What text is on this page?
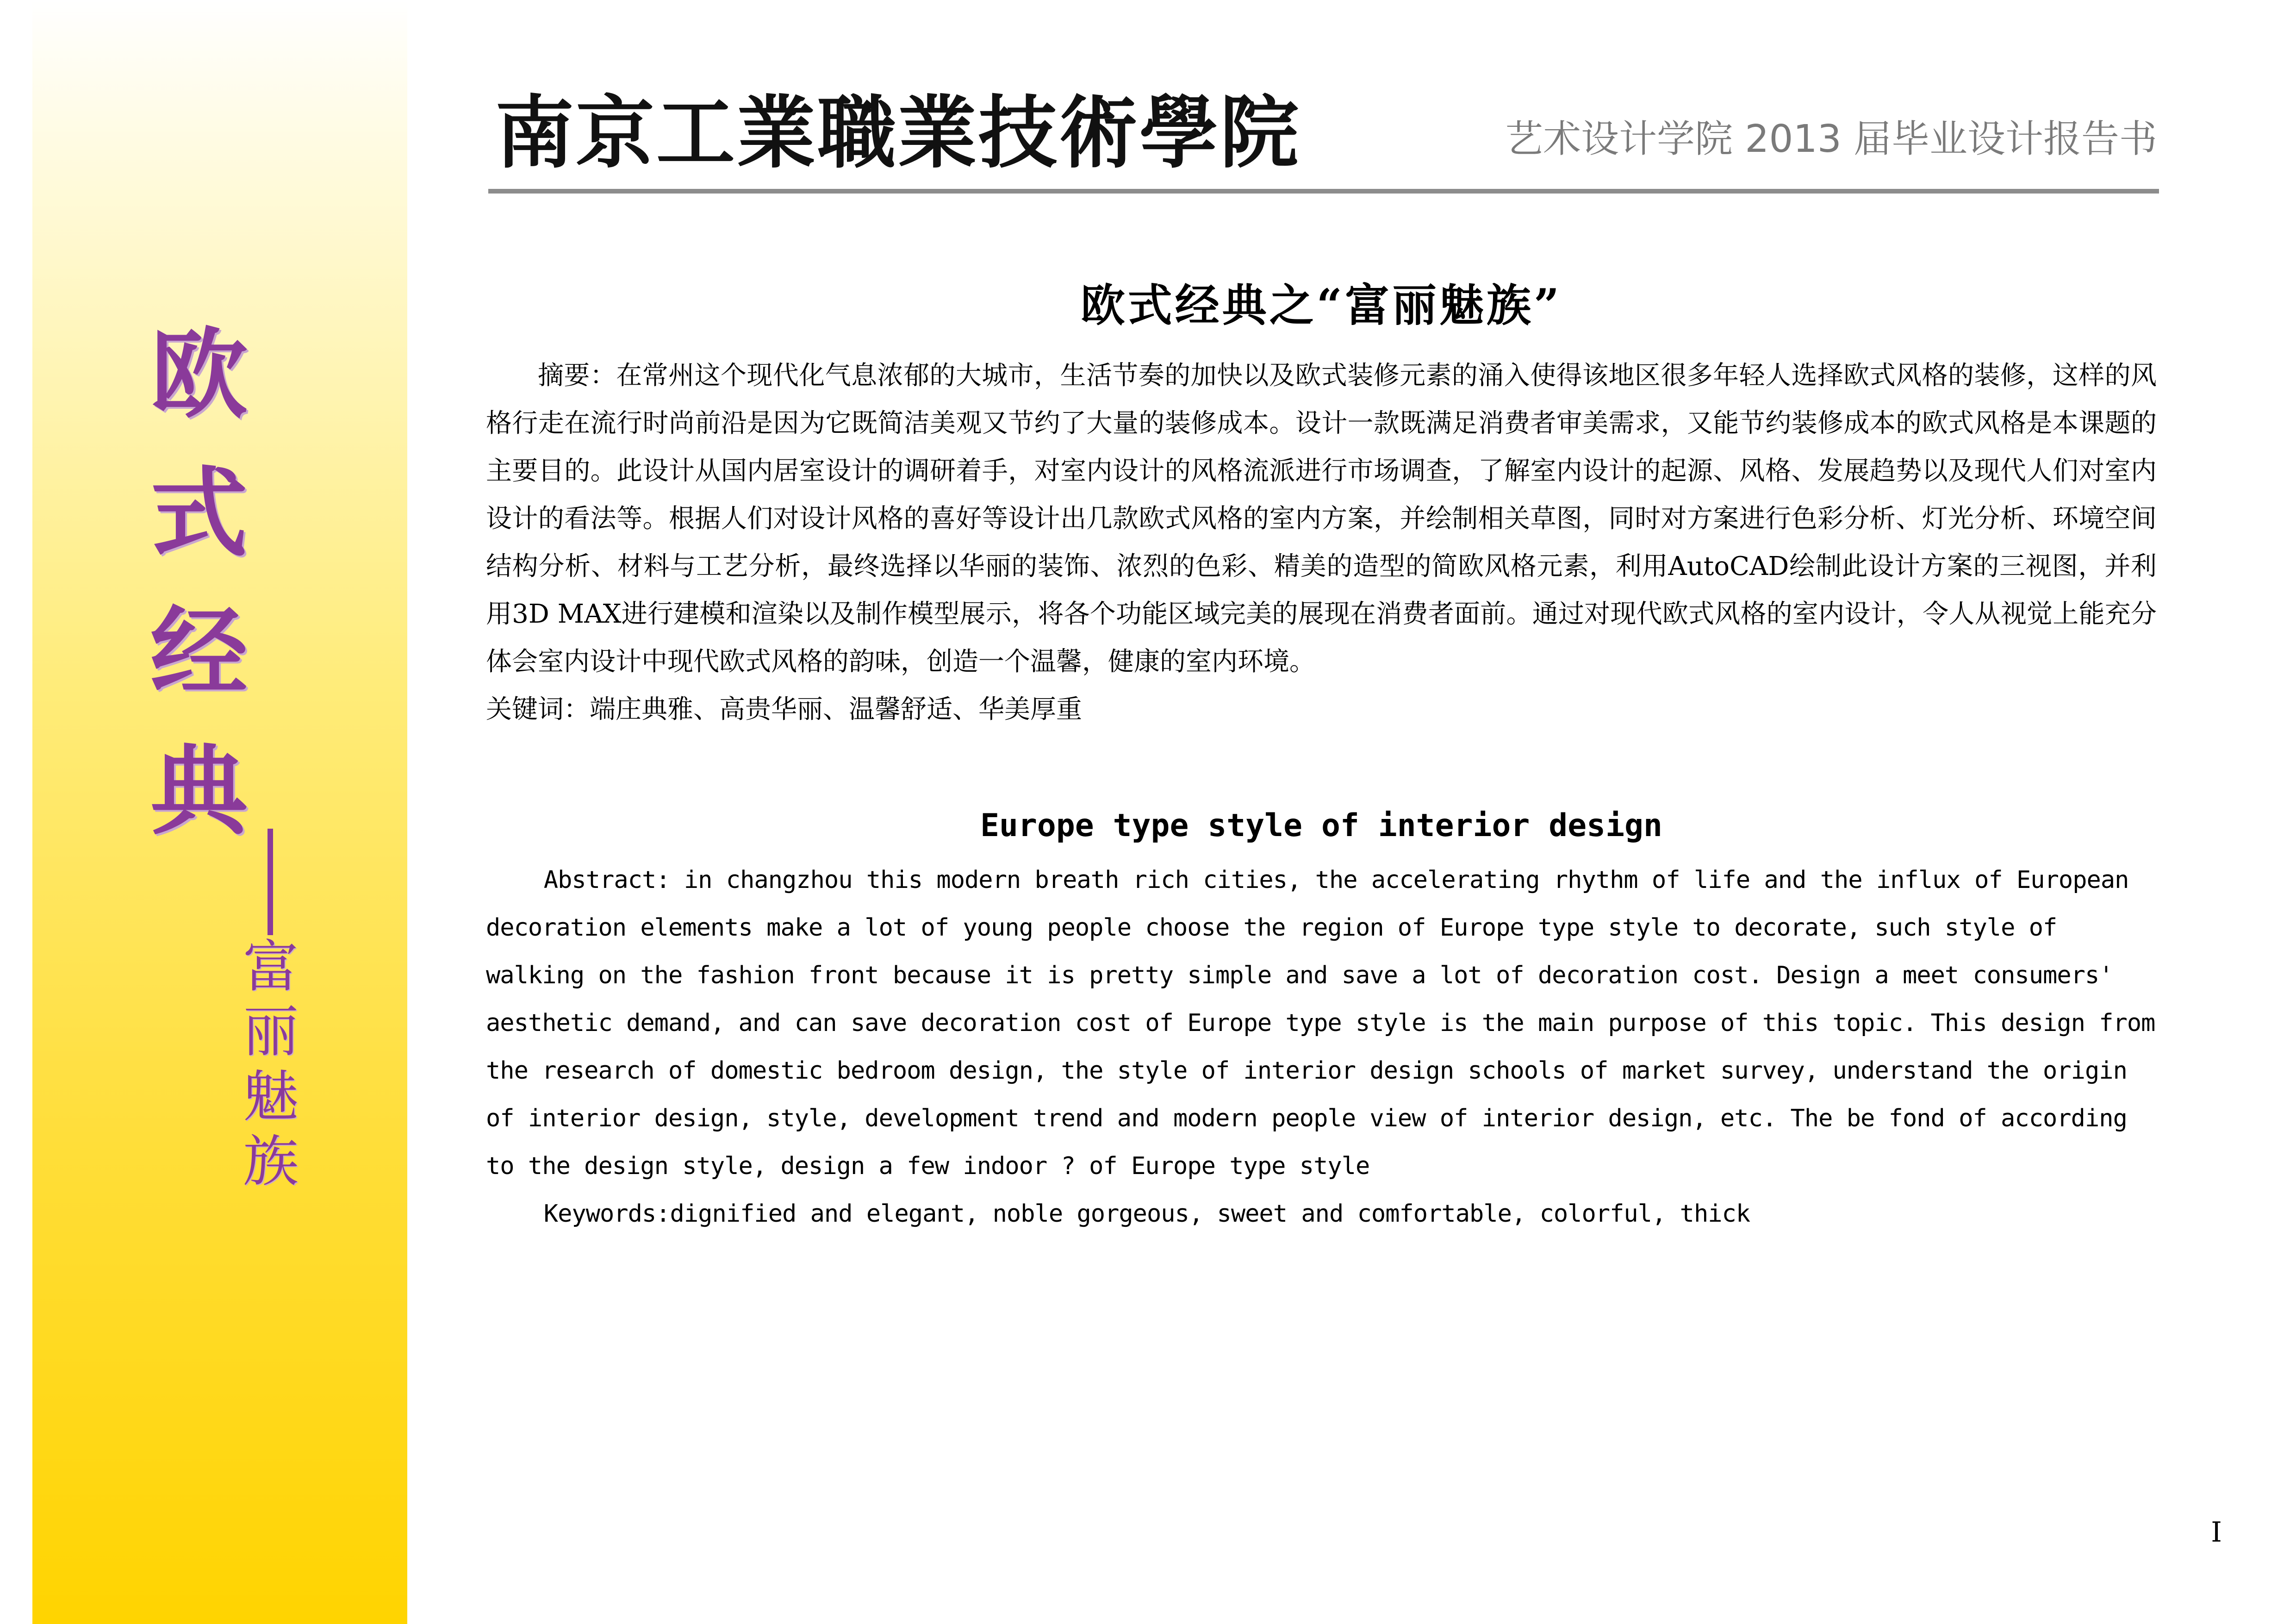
欧
式
经
典
富
丽
魅
族
南京工業職業技術學院	艺术设计学院 2013 届毕业设计报告书
欧式经典之“富丽魅族”

摘要：在常州这个现代化气息浓郁的大城市，生活节奏的加快以及欧式装修元素的涌入使得该地区很多年轻人选择欧式风格的装修，这样的风格行走在流行时尚前沿是因为它既简洁美观又节约了大量的装修成本。设计一款既满足消费者审美需求，又能节约装修成本的欧式风格是本课题的主要目的。此设计从国内居室设计的调研着手，对室内设计的风格流派进行市场调查，了解室内设计的起源、风格、发展趋势以及现代人们对室内设计的看法等。根据人们对设计风格的喜好等设计出几款欧式风格的室内方案，并绘制相关草图，同时对方案进行色彩分析、灯光分析、环境空间结构分析、材料与工艺分析，最终选择以华丽的装饰、浓烈的色彩、精美的造型的简欧风格元素，利用AutoCAD绘制此设计方案的三视图，并利用3D MAX进行建模和渲染以及制作模型展示，将各个功能区域完美的展现在消费者面前。通过对现代欧式风格的室内设计，令人从视觉上能充分体会室内设计中现代欧式风格的韵味，创造一个温馨，健康的室内环境。

关键词：端庄典雅、高贵华丽、温馨舒适、华美厚重

Europe type style of interior design

Abstract: in changzhou this modern breath rich cities, the accelerating rhythm of life and the influx of European decoration elements make a lot of young people choose the region of Europe type style to decorate, such style of walking on the fashion front because it is pretty simple and save a lot of decoration cost. Design a meet consumers' aesthetic demand, and can save decoration cost of Europe type style is the main purpose of this topic. This design from the research of domestic bedroom design, the style of interior design schools of market survey, understand the origin of interior design, style, development trend and modern people view of interior design, etc. The be fond of according to the design style, design a few indoor ? of Europe type style

Keywords:dignified and elegant, noble gorgeous, sweet and comfortable, colorful, thick

I
